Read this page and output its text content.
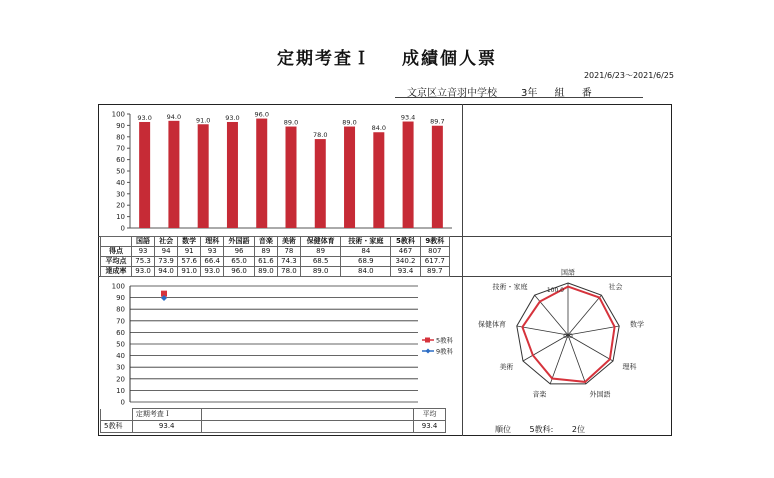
定期考査Ｉ 成績個人票
2021/6/23～2021/6/25
文京区立音羽中学校 3年 組 番
0
10
20
30
40
50
60
70
80
90
100 93.0 94.0 91.0 93.0 96.0
89.0
78.0
89.0
84.0
93.4
89.7
	国語	社会	数学	理科	外国語	音楽	美術	保健体育	技術・家庭	5教科	9教科
得点	93	94	91	93	96	89	78	89	84	467	807
平均点	75.3	73.9	57.6	66.4	65.0	61.6	74.3	68.5	68.9	340.2	617.7
達成率	93.0	94.0	91.0	93.0	96.0	89.0	78.0	89.0	84.0	93.4	89.7
0
10
20
30
40
50
60
70
80
90
100
5教科
9教科
国語
社会
数学
理科
外国語
音楽
美術
保健体育
技術・家庭	100.0
0.0
	定期考査Ｉ		平均
5教科	93.4		93.4	順位 5教科: 2位
